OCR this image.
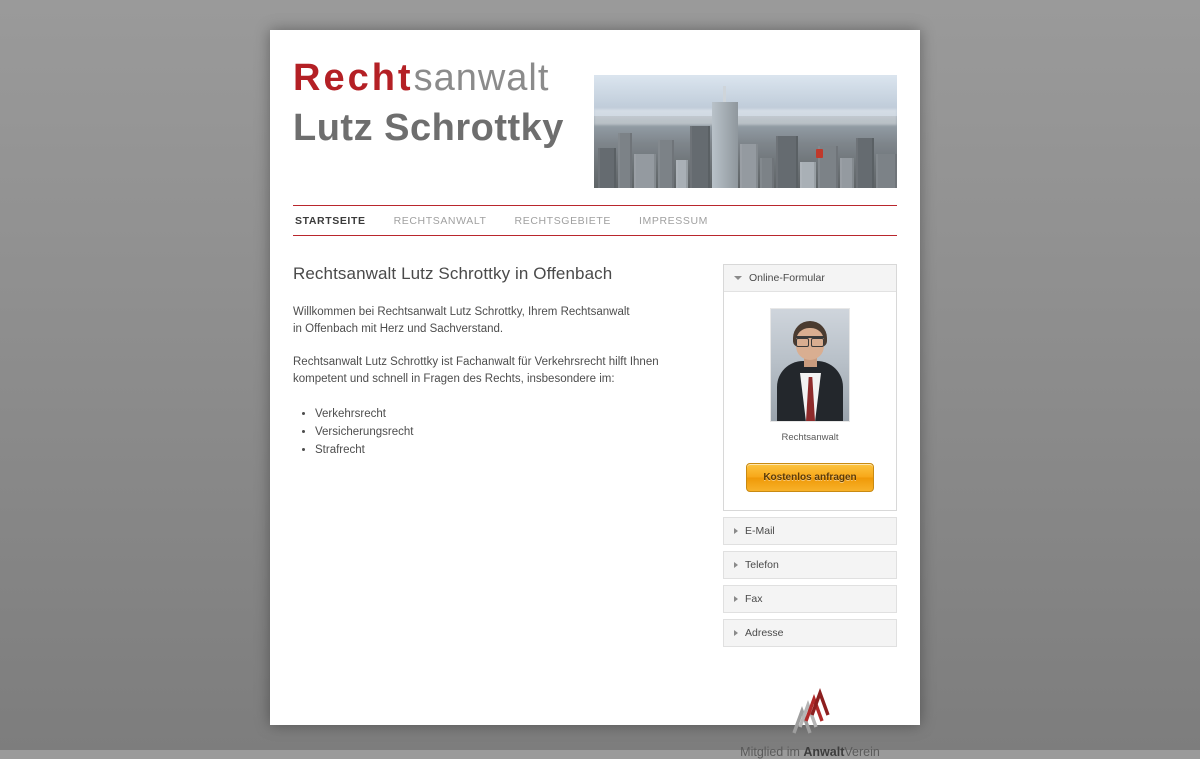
Rechtsanwalt
Lutz Schrottky
STARTSEITE	RECHTSANWALT	RECHTSGEBIETE	IMPRESSUM
Rechtsanwalt Lutz Schrottky in Offenbach

Willkommen bei Rechtsanwalt Lutz Schrottky, Ihrem Rechtsanwalt
in Offenbach mit Herz und Sachverstand.

Rechtsanwalt Lutz Schrottky ist Fachanwalt für Verkehrsrecht hilft Ihnen kompetent und schnell in Fragen des Rechts, insbesondere im:

• Verkehrsrecht
• Versicherungsrecht
• Strafrecht
Online-Formular
Rechtsanwalt
Kostenlos anfragen
E-Mail
Telefon
Fax
Adresse
Mitglied im AnwaltVerein
